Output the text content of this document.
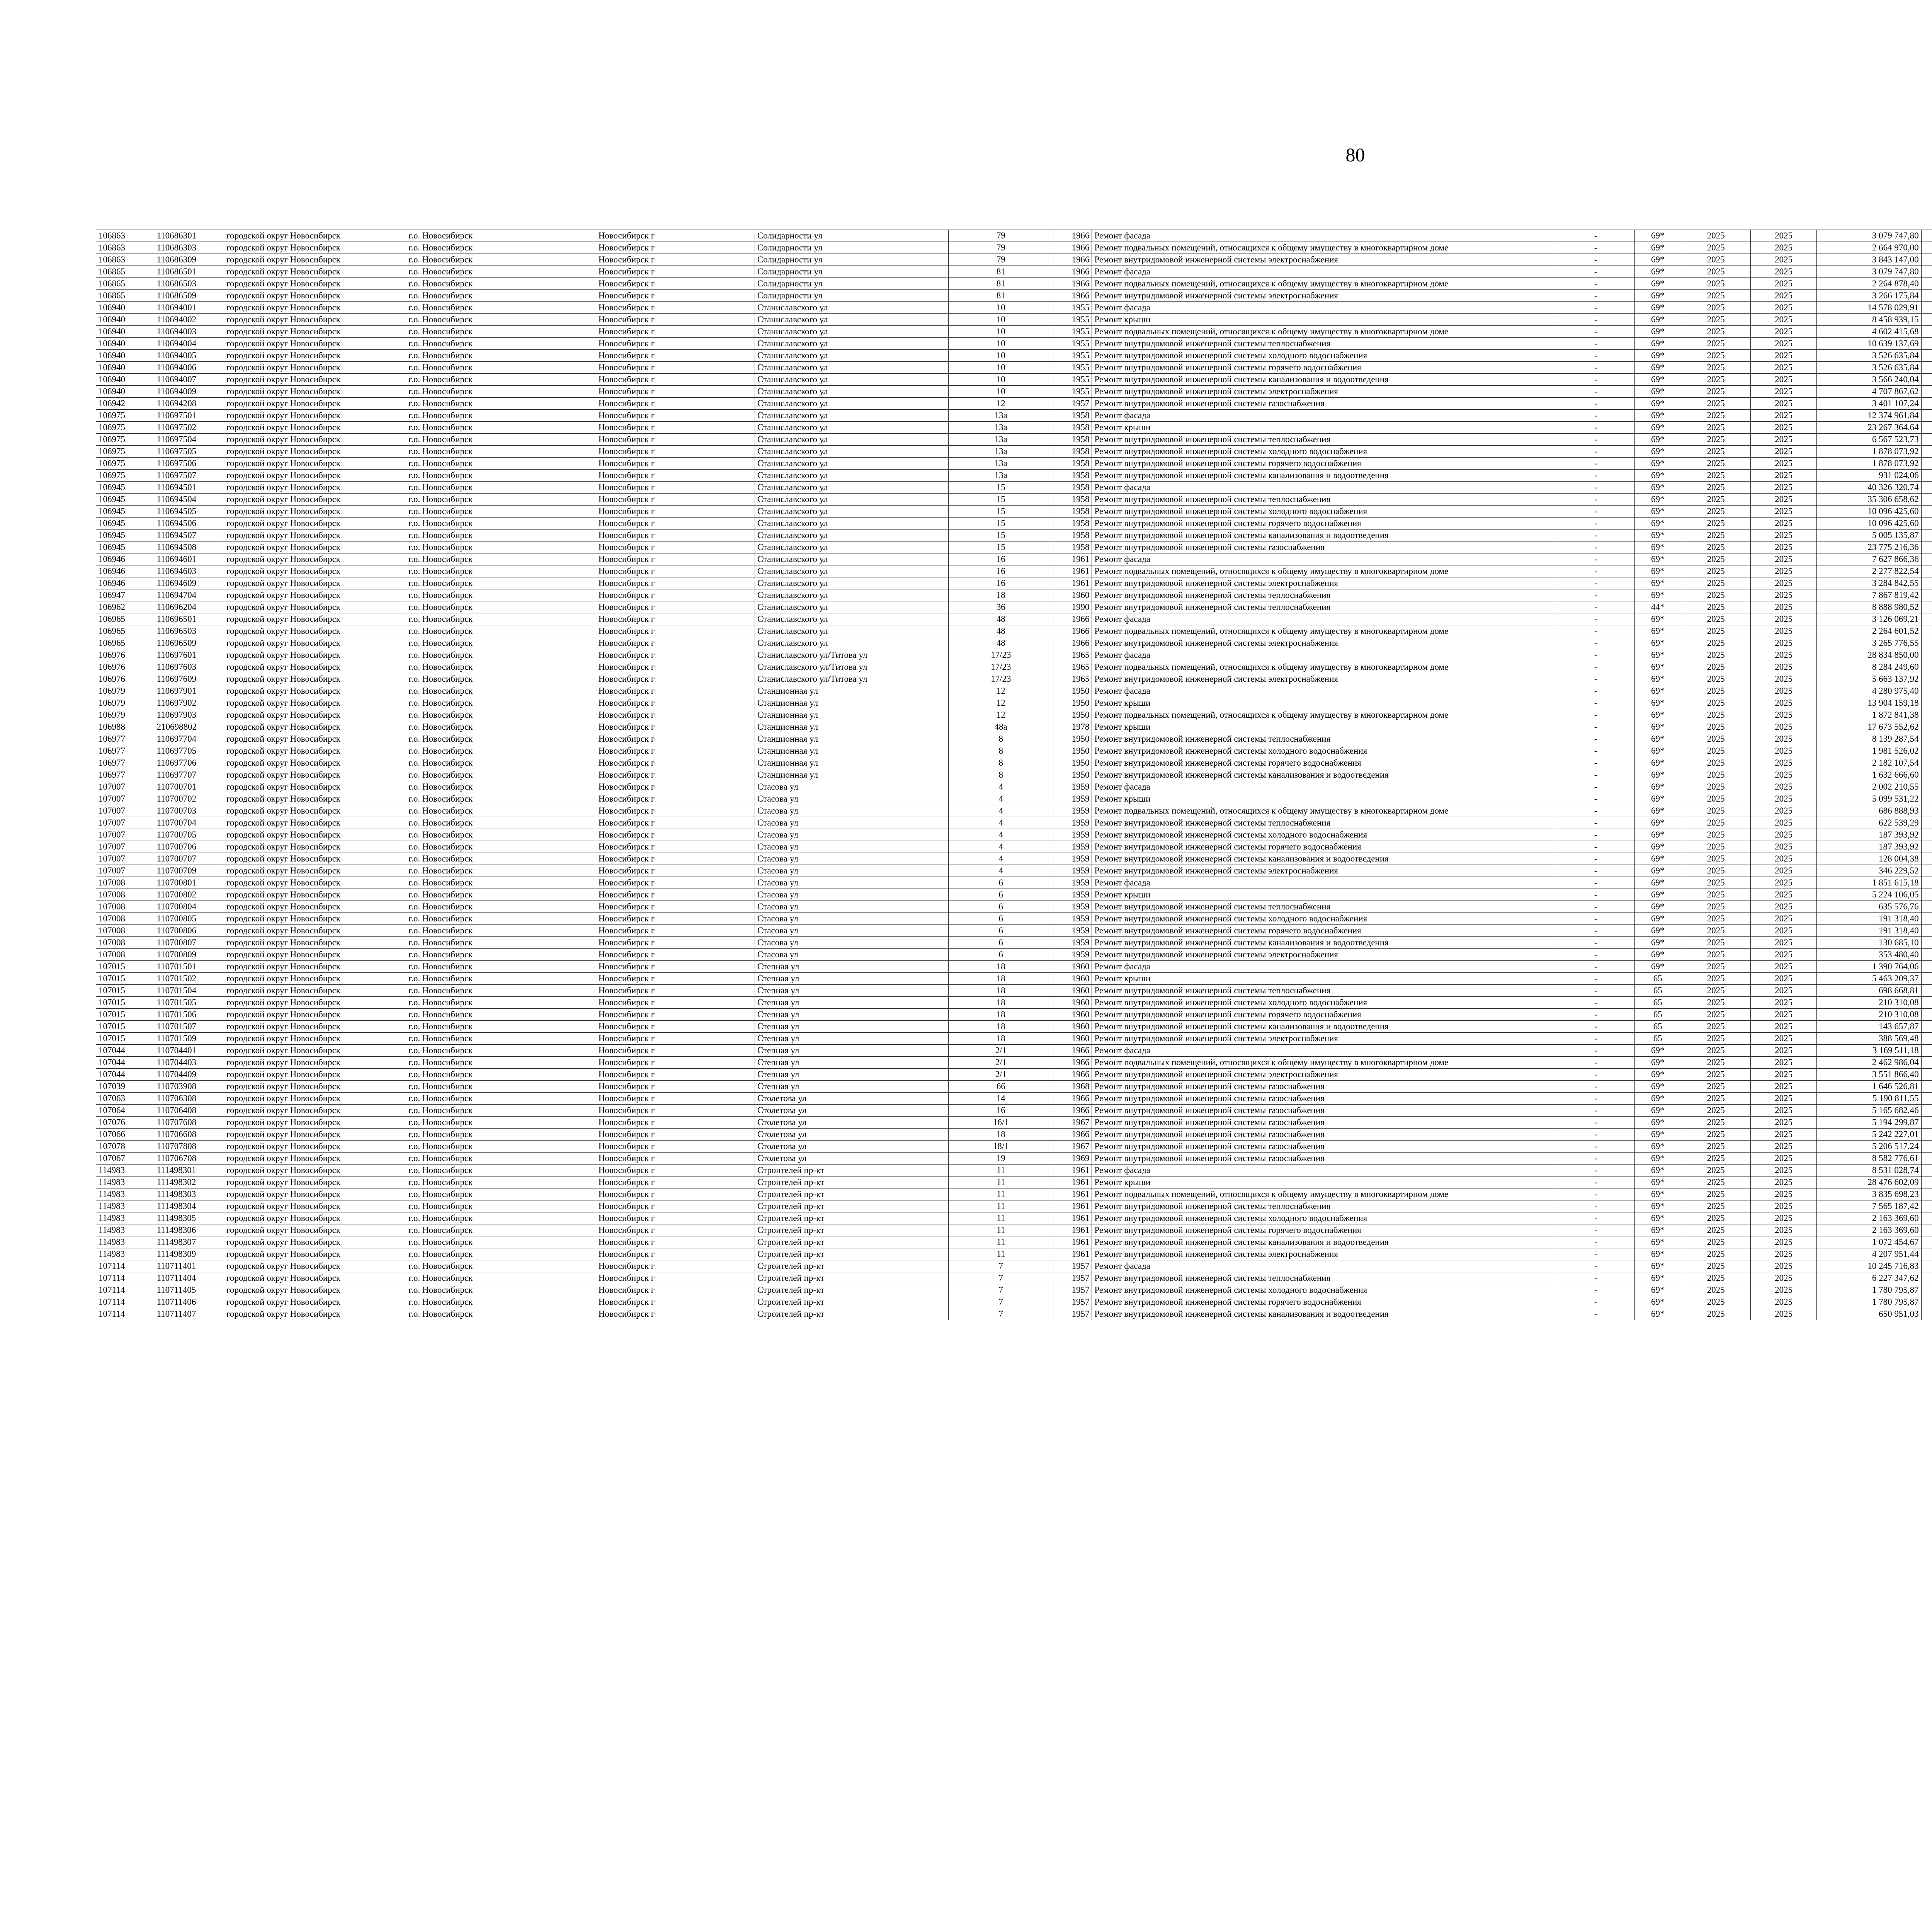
80
106863	110686301	городской округ Новосибирск	г.о. Новосибирск	Новосибирск г	Солидарности ул	79	1966	Ремонт фасада	-	69*	2025	2025	3 079 747,80							
106863	110686303	городской округ Новосибирск	г.о. Новосибирск	Новосибирск г	Солидарности ул	79	1966	Ремонт подвальных помещений, относящихся к общему имуществу в многоквартирном доме	-	69*	2025	2025	2 664 970,00							
106863	110686309	городской округ Новосибирск	г.о. Новосибирск	Новосибирск г	Солидарности ул	79	1966	Ремонт внутридомовой инженерной системы электроснабжения	-	69*	2025	2025	3 843 147,00							
106865	110686501	городской округ Новосибирск	г.о. Новосибирск	Новосибирск г	Солидарности ул	81	1966	Ремонт фасада	-	69*	2025	2025	3 079 747,80							
106865	110686503	городской округ Новосибирск	г.о. Новосибирск	Новосибирск г	Солидарности ул	81	1966	Ремонт подвальных помещений, относящихся к общему имуществу в многоквартирном доме	-	69*	2025	2025	2 264 878,40							
106865	110686509	городской округ Новосибирск	г.о. Новосибирск	Новосибирск г	Солидарности ул	81	1966	Ремонт внутридомовой инженерной системы электроснабжения	-	69*	2025	2025	3 266 175,84							
106940	110694001	городской округ Новосибирск	г.о. Новосибирск	Новосибирск г	Станиславского ул	10	1955	Ремонт фасада	-	69*	2025	2025	14 578 029,91							
106940	110694002	городской округ Новосибирск	г.о. Новосибирск	Новосибирск г	Станиславского ул	10	1955	Ремонт крыши	-	69*	2025	2025	8 458 939,15							
106940	110694003	городской округ Новосибирск	г.о. Новосибирск	Новосибирск г	Станиславского ул	10	1955	Ремонт подвальных помещений, относящихся к общему имуществу в многоквартирном доме	-	69*	2025	2025	4 602 415,68							
106940	110694004	городской округ Новосибирск	г.о. Новосибирск	Новосибирск г	Станиславского ул	10	1955	Ремонт внутридомовой инженерной системы теплоснабжения	-	69*	2025	2025	10 639 137,69							
106940	110694005	городской округ Новосибирск	г.о. Новосибирск	Новосибирск г	Станиславского ул	10	1955	Ремонт внутридомовой инженерной системы холодного водоснабжения	-	69*	2025	2025	3 526 635,84							
106940	110694006	городской округ Новосибирск	г.о. Новосибирск	Новосибирск г	Станиславского ул	10	1955	Ремонт внутридомовой инженерной системы горячего водоснабжения	-	69*	2025	2025	3 526 635,84							
106940	110694007	городской округ Новосибирск	г.о. Новосибирск	Новосибирск г	Станиславского ул	10	1955	Ремонт внутридомовой инженерной системы канализования и водоотведения	-	69*	2025	2025	3 566 240,04							
106940	110694009	городской округ Новосибирск	г.о. Новосибирск	Новосибирск г	Станиславского ул	10	1955	Ремонт внутридомовой инженерной системы электроснабжения	-	69*	2025	2025	4 707 867,62							
106942	110694208	городской округ Новосибирск	г.о. Новосибирск	Новосибирск г	Станиславского ул	12	1957	Ремонт внутридомовой инженерной системы газоснабжения	-	69*	2025	2025	3 401 107,24							
106975	110697501	городской округ Новосибирск	г.о. Новосибирск	Новосибирск г	Станиславского ул	13а	1958	Ремонт фасада	-	69*	2025	2025	12 374 961,84							
106975	110697502	городской округ Новосибирск	г.о. Новосибирск	Новосибирск г	Станиславского ул	13а	1958	Ремонт крыши	-	69*	2025	2025	23 267 364,64							
106975	110697504	городской округ Новосибирск	г.о. Новосибирск	Новосибирск г	Станиславского ул	13а	1958	Ремонт внутридомовой инженерной системы теплоснабжения	-	69*	2025	2025	6 567 523,73							
106975	110697505	городской округ Новосибирск	г.о. Новосибирск	Новосибирск г	Станиславского ул	13а	1958	Ремонт внутридомовой инженерной системы холодного водоснабжения	-	69*	2025	2025	1 878 073,92							
106975	110697506	городской округ Новосибирск	г.о. Новосибирск	Новосибирск г	Станиславского ул	13а	1958	Ремонт внутридомовой инженерной системы горячего водоснабжения	-	69*	2025	2025	1 878 073,92							
106975	110697507	городской округ Новосибирск	г.о. Новосибирск	Новосибирск г	Станиславского ул	13а	1958	Ремонт внутридомовой инженерной системы канализования и водоотведения	-	69*	2025	2025	931 024,06							
106945	110694501	городской округ Новосибирск	г.о. Новосибирск	Новосибирск г	Станиславского ул	15	1958	Ремонт фасада	-	69*	2025	2025	40 326 320,74							
106945	110694504	городской округ Новосибирск	г.о. Новосибирск	Новосибирск г	Станиславского ул	15	1958	Ремонт внутридомовой инженерной системы теплоснабжения	-	69*	2025	2025	35 306 658,62							
106945	110694505	городской округ Новосибирск	г.о. Новосибирск	Новосибирск г	Станиславского ул	15	1958	Ремонт внутридомовой инженерной системы холодного водоснабжения	-	69*	2025	2025	10 096 425,60							
106945	110694506	городской округ Новосибирск	г.о. Новосибирск	Новосибирск г	Станиславского ул	15	1958	Ремонт внутридомовой инженерной системы горячего водоснабжения	-	69*	2025	2025	10 096 425,60							
106945	110694507	городской округ Новосибирск	г.о. Новосибирск	Новосибирск г	Станиславского ул	15	1958	Ремонт внутридомовой инженерной системы канализования и водоотведения	-	69*	2025	2025	5 005 135,87							
106945	110694508	городской округ Новосибирск	г.о. Новосибирск	Новосибирск г	Станиславского ул	15	1958	Ремонт внутридомовой инженерной системы газоснабжения	-	69*	2025	2025	23 775 216,36							
106946	110694601	городской округ Новосибирск	г.о. Новосибирск	Новосибирск г	Станиславского ул	16	1961	Ремонт фасада	-	69*	2025	2025	7 627 866,36							
106946	110694603	городской округ Новосибирск	г.о. Новосибирск	Новосибирск г	Станиславского ул	16	1961	Ремонт подвальных помещений, относящихся к общему имуществу в многоквартирном доме	-	69*	2025	2025	2 277 822,54							
106946	110694609	городской округ Новосибирск	г.о. Новосибирск	Новосибирск г	Станиславского ул	16	1961	Ремонт внутридомовой инженерной системы электроснабжения	-	69*	2025	2025	3 284 842,55							
106947	110694704	городской округ Новосибирск	г.о. Новосибирск	Новосибирск г	Станиславского ул	18	1960	Ремонт внутридомовой инженерной системы теплоснабжения	-	69*	2025	2025	7 867 819,42							
106962	110696204	городской округ Новосибирск	г.о. Новосибирск	Новосибирск г	Станиславского ул	36	1990	Ремонт внутридомовой инженерной системы теплоснабжения	-	44*	2025	2025	8 888 980,52							
106965	110696501	городской округ Новосибирск	г.о. Новосибирск	Новосибирск г	Станиславского ул	48	1966	Ремонт фасада	-	69*	2025	2025	3 126 069,21							
106965	110696503	городской округ Новосибирск	г.о. Новосибирск	Новосибирск г	Станиславского ул	48	1966	Ремонт подвальных помещений, относящихся к общему имуществу в многоквартирном доме	-	69*	2025	2025	2 264 601,52							
106965	110696509	городской округ Новосибирск	г.о. Новосибирск	Новосибирск г	Станиславского ул	48	1966	Ремонт внутридомовой инженерной системы электроснабжения	-	69*	2025	2025	3 265 776,55							
106976	110697601	городской округ Новосибирск	г.о. Новосибирск	Новосибирск г	Станиславского ул/Титова ул	17/23	1965	Ремонт фасада	-	69*	2025	2025	28 834 850,00							
106976	110697603	городской округ Новосибирск	г.о. Новосибирск	Новосибирск г	Станиславского ул/Титова ул	17/23	1965	Ремонт подвальных помещений, относящихся к общему имуществу в многоквартирном доме	-	69*	2025	2025	8 284 249,60							
106976	110697609	городской округ Новосибирск	г.о. Новосибирск	Новосибирск г	Станиславского ул/Титова ул	17/23	1965	Ремонт внутридомовой инженерной системы электроснабжения	-	69*	2025	2025	5 663 137,92							
106979	110697901	городской округ Новосибирск	г.о. Новосибирск	Новосибирск г	Станционная ул	12	1950	Ремонт фасада	-	69*	2025	2025	4 280 975,40							
106979	110697902	городской округ Новосибирск	г.о. Новосибирск	Новосибирск г	Станционная ул	12	1950	Ремонт крыши	-	69*	2025	2025	13 904 159,18							
106979	110697903	городской округ Новосибирск	г.о. Новосибирск	Новосибирск г	Станционная ул	12	1950	Ремонт подвальных помещений, относящихся к общему имуществу в многоквартирном доме	-	69*	2025	2025	1 872 841,38							
106988	210698802	городской округ Новосибирск	г.о. Новосибирск	Новосибирск г	Станционная ул	48а	1978	Ремонт крыши	-	69*	2025	2025	17 673 552,62							
106977	110697704	городской округ Новосибирск	г.о. Новосибирск	Новосибирск г	Станционная ул	8	1950	Ремонт внутридомовой инженерной системы теплоснабжения	-	69*	2025	2025	8 139 287,54							
106977	110697705	городской округ Новосибирск	г.о. Новосибирск	Новосибирск г	Станционная ул	8	1950	Ремонт внутридомовой инженерной системы холодного водоснабжения	-	69*	2025	2025	1 981 526,02							
106977	110697706	городской округ Новосибирск	г.о. Новосибирск	Новосибирск г	Станционная ул	8	1950	Ремонт внутридомовой инженерной системы горячего водоснабжения	-	69*	2025	2025	2 182 107,54							
106977	110697707	городской округ Новосибирск	г.о. Новосибирск	Новосибирск г	Станционная ул	8	1950	Ремонт внутридомовой инженерной системы канализования и водоотведения	-	69*	2025	2025	1 632 666,60							
107007	110700701	городской округ Новосибирск	г.о. Новосибирск	Новосибирск г	Стасова ул	4	1959	Ремонт фасада	-	69*	2025	2025	2 002 210,55							
107007	110700702	городской округ Новосибирск	г.о. Новосибирск	Новосибирск г	Стасова ул	4	1959	Ремонт крыши	-	69*	2025	2025	5 099 531,22							
107007	110700703	городской округ Новосибирск	г.о. Новосибирск	Новосибирск г	Стасова ул	4	1959	Ремонт подвальных помещений, относящихся к общему имуществу в многоквартирном доме	-	69*	2025	2025	686 888,93							
107007	110700704	городской округ Новосибирск	г.о. Новосибирск	Новосибирск г	Стасова ул	4	1959	Ремонт внутридомовой инженерной системы теплоснабжения	-	69*	2025	2025	622 539,29							
107007	110700705	городской округ Новосибирск	г.о. Новосибирск	Новосибирск г	Стасова ул	4	1959	Ремонт внутридомовой инженерной системы холодного водоснабжения	-	69*	2025	2025	187 393,92							
107007	110700706	городской округ Новосибирск	г.о. Новосибирск	Новосибирск г	Стасова ул	4	1959	Ремонт внутридомовой инженерной системы горячего водоснабжения	-	69*	2025	2025	187 393,92							
107007	110700707	городской округ Новосибирск	г.о. Новосибирск	Новосибирск г	Стасова ул	4	1959	Ремонт внутридомовой инженерной системы канализования и водоотведения	-	69*	2025	2025	128 004,38							
107007	110700709	городской округ Новосибирск	г.о. Новосибирск	Новосибирск г	Стасова ул	4	1959	Ремонт внутридомовой инженерной системы электроснабжения	-	69*	2025	2025	346 229,52							
107008	110700801	городской округ Новосибирск	г.о. Новосибирск	Новосибирск г	Стасова ул	6	1959	Ремонт фасада	-	69*	2025	2025	1 851 615,18							
107008	110700802	городской округ Новосибирск	г.о. Новосибирск	Новосибирск г	Стасова ул	6	1959	Ремонт крыши	-	69*	2025	2025	5 224 106,05							
107008	110700804	городской округ Новосибирск	г.о. Новосибирск	Новосибирск г	Стасова ул	6	1959	Ремонт внутридомовой инженерной системы теплоснабжения	-	69*	2025	2025	635 576,76							
107008	110700805	городской округ Новосибирск	г.о. Новосибирск	Новосибирск г	Стасова ул	6	1959	Ремонт внутридомовой инженерной системы холодного водоснабжения	-	69*	2025	2025	191 318,40							
107008	110700806	городской округ Новосибирск	г.о. Новосибирск	Новосибирск г	Стасова ул	6	1959	Ремонт внутридомовой инженерной системы горячего водоснабжения	-	69*	2025	2025	191 318,40							
107008	110700807	городской округ Новосибирск	г.о. Новосибирск	Новосибирск г	Стасова ул	6	1959	Ремонт внутридомовой инженерной системы канализования и водоотведения	-	69*	2025	2025	130 685,10							
107008	110700809	городской округ Новосибирск	г.о. Новосибирск	Новосибирск г	Стасова ул	6	1959	Ремонт внутридомовой инженерной системы электроснабжения	-	69*	2025	2025	353 480,40							
107015	110701501	городской округ Новосибирск	г.о. Новосибирск	Новосибирск г	Степная ул	18	1960	Ремонт фасада	-	69*	2025	2025	1 390 764,06							
107015	110701502	городской округ Новосибирск	г.о. Новосибирск	Новосибирск г	Степная ул	18	1960	Ремонт крыши	-	65	2025	2025	5 463 209,37							
107015	110701504	городской округ Новосибирск	г.о. Новосибирск	Новосибирск г	Степная ул	18	1960	Ремонт внутридомовой инженерной системы теплоснабжения	-	65	2025	2025	698 668,81							
107015	110701505	городской округ Новосибирск	г.о. Новосибирск	Новосибирск г	Степная ул	18	1960	Ремонт внутридомовой инженерной системы холодного водоснабжения	-	65	2025	2025	210 310,08							
107015	110701506	городской округ Новосибирск	г.о. Новосибирск	Новосибирск г	Степная ул	18	1960	Ремонт внутридомовой инженерной системы горячего водоснабжения	-	65	2025	2025	210 310,08							
107015	110701507	городской округ Новосибирск	г.о. Новосибирск	Новосибирск г	Степная ул	18	1960	Ремонт внутридомовой инженерной системы канализования и водоотведения	-	65	2025	2025	143 657,87							
107015	110701509	городской округ Новосибирск	г.о. Новосибирск	Новосибирск г	Степная ул	18	1960	Ремонт внутридомовой инженерной системы электроснабжения	-	65	2025	2025	388 569,48							
107044	110704401	городской округ Новосибирск	г.о. Новосибирск	Новосибирск г	Степная ул	2/1	1966	Ремонт фасада	-	69*	2025	2025	3 169 511,18							
107044	110704403	городской округ Новосибирск	г.о. Новосибирск	Новосибирск г	Степная ул	2/1	1966	Ремонт подвальных помещений, относящихся к общему имуществу в многоквартирном доме	-	69*	2025	2025	2 462 986,04							
107044	110704409	городской округ Новосибирск	г.о. Новосибирск	Новосибирск г	Степная ул	2/1	1966	Ремонт внутридомовой инженерной системы электроснабжения	-	69*	2025	2025	3 551 866,40							
107039	110703908	городской округ Новосибирск	г.о. Новосибирск	Новосибирск г	Степная ул	66	1968	Ремонт внутридомовой инженерной системы газоснабжения	-	69*	2025	2025	1 646 526,81							
107063	110706308	городской округ Новосибирск	г.о. Новосибирск	Новосибирск г	Столетова ул	14	1966	Ремонт внутридомовой инженерной системы газоснабжения	-	69*	2025	2025	5 190 811,55							
107064	110706408	городской округ Новосибирск	г.о. Новосибирск	Новосибирск г	Столетова ул	16	1966	Ремонт внутридомовой инженерной системы газоснабжения	-	69*	2025	2025	5 165 682,46							
107076	110707608	городской округ Новосибирск	г.о. Новосибирск	Новосибирск г	Столетова ул	16/1	1967	Ремонт внутридомовой инженерной системы газоснабжения	-	69*	2025	2025	5 194 299,87							
107066	110706608	городской округ Новосибирск	г.о. Новосибирск	Новосибирск г	Столетова ул	18	1966	Ремонт внутридомовой инженерной системы газоснабжения	-	69*	2025	2025	5 242 227,01							
107078	110707808	городской округ Новосибирск	г.о. Новосибирск	Новосибирск г	Столетова ул	18/1	1967	Ремонт внутридомовой инженерной системы газоснабжения	-	69*	2025	2025	5 206 517,24							
107067	110706708	городской округ Новосибирск	г.о. Новосибирск	Новосибирск г	Столетова ул	19	1969	Ремонт внутридомовой инженерной системы газоснабжения	-	69*	2025	2025	8 582 776,61							
114983	111498301	городской округ Новосибирск	г.о. Новосибирск	Новосибирск г	Строителей пр-кт	11	1961	Ремонт фасада	-	69*	2025	2025	8 531 028,74							
114983	111498302	городской округ Новосибирск	г.о. Новосибирск	Новосибирск г	Строителей пр-кт	11	1961	Ремонт крыши	-	69*	2025	2025	28 476 602,09							
114983	111498303	городской округ Новосибирск	г.о. Новосибирск	Новосибирск г	Строителей пр-кт	11	1961	Ремонт подвальных помещений, относящихся к общему имуществу в многоквартирном доме	-	69*	2025	2025	3 835 698,23							
114983	111498304	городской округ Новосибирск	г.о. Новосибирск	Новосибирск г	Строителей пр-кт	11	1961	Ремонт внутридомовой инженерной системы теплоснабжения	-	69*	2025	2025	7 565 187,42							
114983	111498305	городской округ Новосибирск	г.о. Новосибирск	Новосибирск г	Строителей пр-кт	11	1961	Ремонт внутридомовой инженерной системы холодного водоснабжения	-	69*	2025	2025	2 163 369,60							
114983	111498306	городской округ Новосибирск	г.о. Новосибирск	Новосибирск г	Строителей пр-кт	11	1961	Ремонт внутридомовой инженерной системы горячего водоснабжения	-	69*	2025	2025	2 163 369,60							
114983	111498307	городской округ Новосибирск	г.о. Новосибирск	Новосибирск г	Строителей пр-кт	11	1961	Ремонт внутридомовой инженерной системы канализования и водоотведения	-	69*	2025	2025	1 072 454,67							
114983	111498309	городской округ Новосибирск	г.о. Новосибирск	Новосибирск г	Строителей пр-кт	11	1961	Ремонт внутридомовой инженерной системы электроснабжения	-	69*	2025	2025	4 207 951,44							
107114	110711401	городской округ Новосибирск	г.о. Новосибирск	Новосибирск г	Строителей пр-кт	7	1957	Ремонт фасада	-	69*	2025	2025	10 245 716,83							
107114	110711404	городской округ Новосибирск	г.о. Новосибирск	Новосибирск г	Строителей пр-кт	7	1957	Ремонт внутридомовой инженерной системы теплоснабжения	-	69*	2025	2025	6 227 347,62							
107114	110711405	городской округ Новосибирск	г.о. Новосибирск	Новосибирск г	Строителей пр-кт	7	1957	Ремонт внутридомовой инженерной системы холодного водоснабжения	-	69*	2025	2025	1 780 795,87							
107114	110711406	городской округ Новосибирск	г.о. Новосибирск	Новосибирск г	Строителей пр-кт	7	1957	Ремонт внутридомовой инженерной системы горячего водоснабжения	-	69*	2025	2025	1 780 795,87							
107114	110711407	городской округ Новосибирск	г.о. Новосибирск	Новосибирск г	Строителей пр-кт	7	1957	Ремонт внутридомовой инженерной системы канализования и водоотведения	-	69*	2025	2025	650 951,03							
